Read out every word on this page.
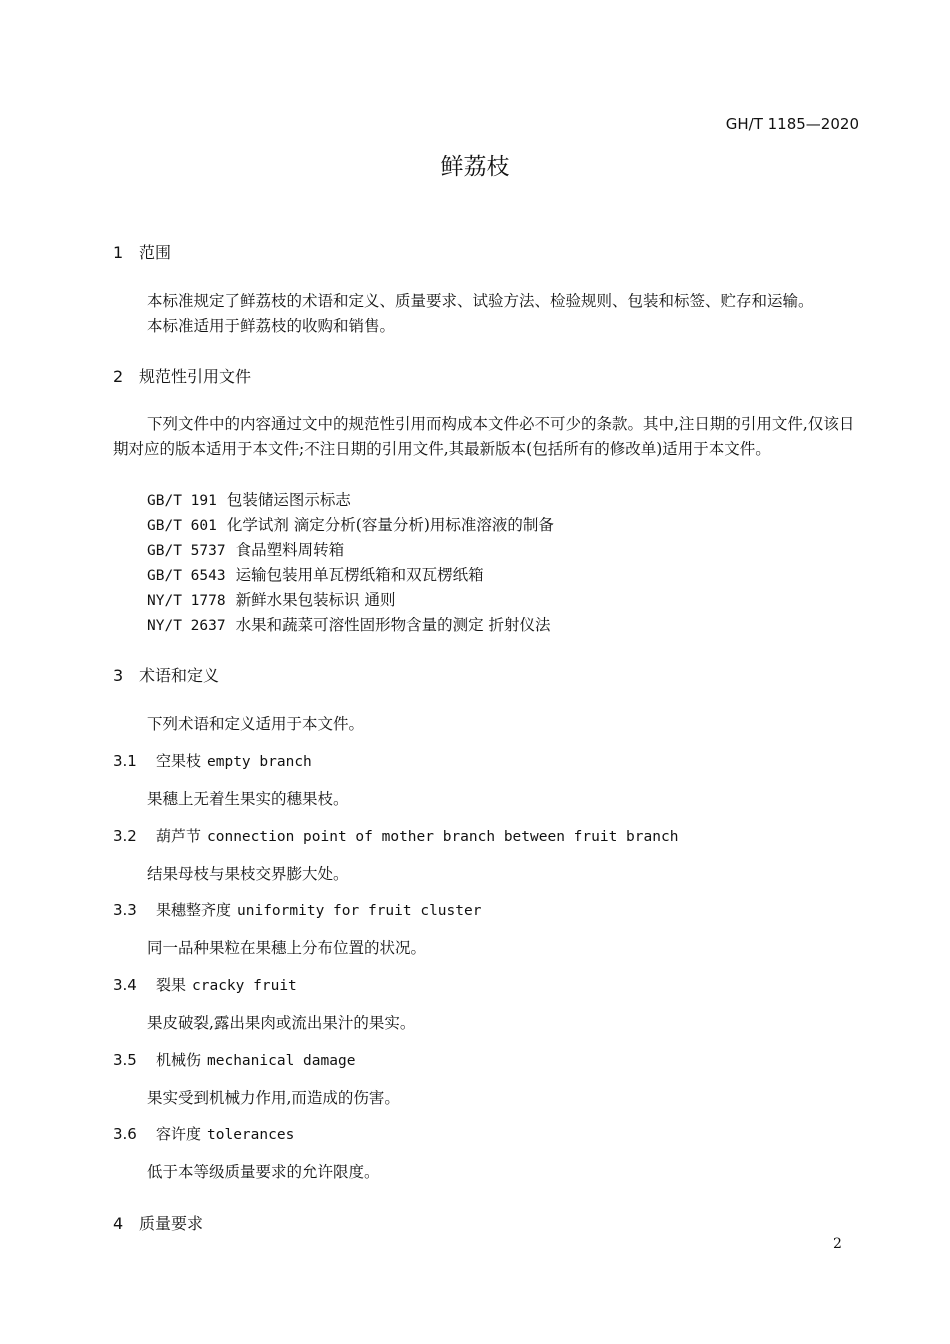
GH/T 1185—2020
鲜荔枝
1 范围
本标准规定了鲜荔枝的术语和定义、质量要求、试验方法、检验规则、包装和标签、贮存和运输。
本标准适用于鲜荔枝的收购和销售。
2 规范性引用文件
下列文件中的内容通过文中的规范性引用而构成本文件必不可少的条款。其中,注日期的引用文件,仅该日期对应的版本适用于本文件;不注日期的引用文件,其最新版本(包括所有的修改单)适用于本文件。
GB/T 191 包装储运图示标志
GB/T 601 化学试剂 滴定分析(容量分析)用标准溶液的制备
GB/T 5737 食品塑料周转箱
GB/T 6543 运输包装用单瓦楞纸箱和双瓦楞纸箱
NY/T 1778 新鲜水果包装标识 通则
NY/T 2637 水果和蔬菜可溶性固形物含量的测定 折射仪法
3 术语和定义
下列术语和定义适用于本文件。
3.1 空果枝 empty branch
果穗上无着生果实的穗果枝。
3.2 葫芦节 connection point of mother branch between fruit branch
结果母枝与果枝交界膨大处。
3.3 果穗整齐度 uniformity for fruit cluster
同一品种果粒在果穗上分布位置的状况。
3.4 裂果 cracky fruit
果皮破裂,露出果肉或流出果汁的果实。
3.5 机械伤 mechanical damage
果实受到机械力作用,而造成的伤害。
3.6 容许度 tolerances
低于本等级质量要求的允许限度。
4 质量要求
2
